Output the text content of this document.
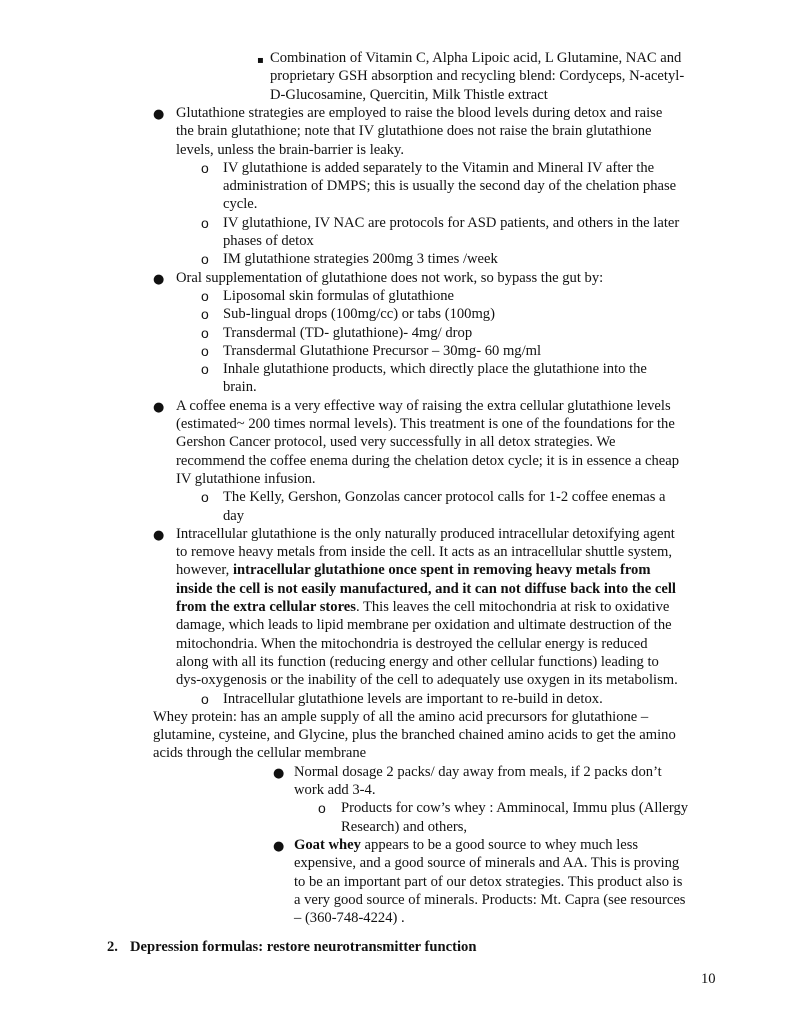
▪ Combination of Vitamin C, Alpha Lipoic acid, L Glutamine, NAC and
proprietary GSH absorption and recycling blend: Cordyceps, N-acetyl-
D-Glucosamine, Quercitin, Milk Thistle extract
● Glutathione strategies are employed to raise the blood levels during detox and raise
the brain glutathione; note that IV glutathione does not raise the brain glutathione
levels, unless the brain-barrier is leaky.
o IV glutathione is added separately to the Vitamin and Mineral IV after the
administration of DMPS; this is usually the second day of the chelation phase
cycle.
o IV glutathione, IV NAC are protocols for ASD patients, and others in the later
phases of detox
o IM glutathione strategies 200mg 3 times /week
● Oral supplementation of glutathione does not work, so bypass the gut by:
o Liposomal skin formulas of glutathione
o Sub-lingual drops (100mg/cc) or tabs (100mg)
o Transdermal (TD- glutathione)- 4mg/ drop
o Transdermal Glutathione Precursor – 30mg- 60 mg/ml
o Inhale glutathione products, which directly place the glutathione into the
brain.
● A coffee enema is a very effective way of raising the extra cellular glutathione levels
(estimated~ 200 times normal levels). This treatment is one of the foundations for the
Gershon Cancer protocol, used very successfully in all detox strategies. We
recommend the coffee enema during the chelation detox cycle; it is in essence a cheap
IV glutathione infusion.
o The Kelly, Gershon, Gonzolas cancer protocol calls for 1-2 coffee enemas a
day
● Intracellular glutathione is the only naturally produced intracellular detoxifying agent
to remove heavy metals from inside the cell. It acts as an intracellular shuttle system,
however, intracellular glutathione once spent in removing heavy metals from
inside the cell is not easily manufactured, and it can not diffuse back into the cell
from the extra cellular stores. This leaves the cell mitochondria at risk to oxidative
damage, which leads to lipid membrane per oxidation and ultimate destruction of the
mitochondria. When the mitochondria is destroyed the cellular energy is reduced
along with all its function (reducing energy and other cellular functions) leading to
dys-oxygenosis or the inability of the cell to adequately use oxygen in its metabolism.
o Intracellular glutathione levels are important to re-build in detox.
Whey protein: has an ample supply of all the amino acid precursors for glutathione –
glutamine, cysteine, and Glycine, plus the branched chained amino acids to get the amino
acids through the cellular membrane
● Normal dosage 2 packs/ day away from meals, if 2 packs don’t
work add 3-4.
o Products for cow’s whey : Amminocal, Immu plus (Allergy
Research) and others,
● Goat whey appears to be a good source to whey much less
expensive, and a good source of minerals and AA. This is proving
to be an important part of our detox strategies. This product also is
a very good source of minerals. Products: Mt. Capra (see resources
– (360-748-4224) .
2. Depression formulas: restore neurotransmitter function
10
